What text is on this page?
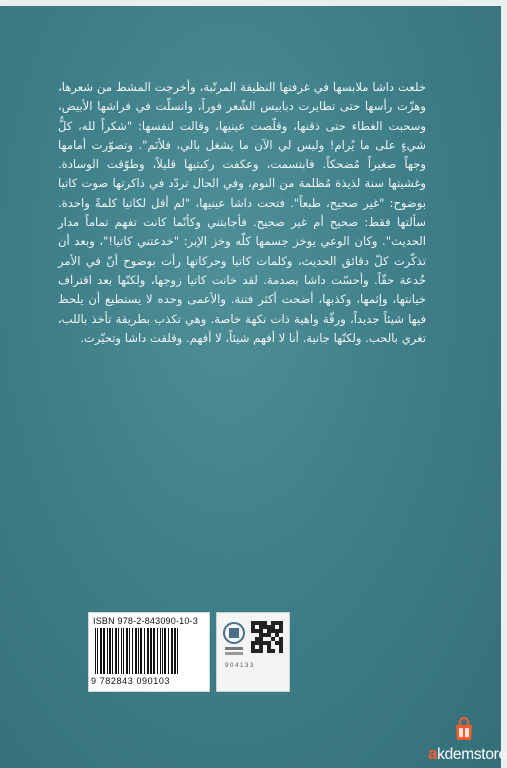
خلعت داشا ملابسها في غرفتها النظيفة المرتّبة، وأخرجت المشط من شعرها، وهزّت رأسها حتى تطايرت دبابيس الشّعر فوراً، وانسلّت في فراشها الأبيض، وسحبت الغطاء حتى ذقنها، وقلّصت عينيها، وقالت لنفسها: "شكراً لله، كلُّ شيءٍ على ما يُرام! وليس لي الآن ما يشغل بالي، فلأنَم". وتصوّرت أمامها وجهاً صغيراً مُضحكاً. فابتسمت، وعكفت ركبتيها قليلاً، وطوّقت الوسادة. وغشيتها سنة لذيذة مُظلمة من النوم، وفي الحال تردّد في ذاكرتها صوت كاتيا بوضوح: "غير صحيح، طبعاً". فتحت داشا عينيها، "لم أقل لكاتيا كلمةً واحدة. سألتها فقط: صحيح أم غير صحيح. فأجابتني وكأنّما كانت تفهم تماماً مدار الحديث". وكان الوعي يوخز جسمها كلّه وخز الإبر: "خدعتني كاتيا!"، وبعد أن تذكّرت كلّ دقائق الحديث، وكلمات كاتيا وحركاتها رأت بوضوح أنّ في الأمر خُدعة حقّاً. وأحسّت داشا بصدمة. لقد خانت كاتيا زوجها، ولكنّها بعد اقتراف خيانتها، وإثمها، وكذبها، أضحت أكثر فتنة. والأعمى وحده لا يستطيع أن يلحظ فيها شيئاً جديداً، ورقّة واهية ذات نكهة خاصة. وهي تكذب بطريقة تأخذ باللب، تغري بالحب. ولكنّها جانية. أنا لا أفهم شيئاً، لا أفهم. وقلقت داشا وتحيّرت.

ISBN 978-2-843090-10-3
9 782843 090103
9 0 4 1 3 3
akdemstore
